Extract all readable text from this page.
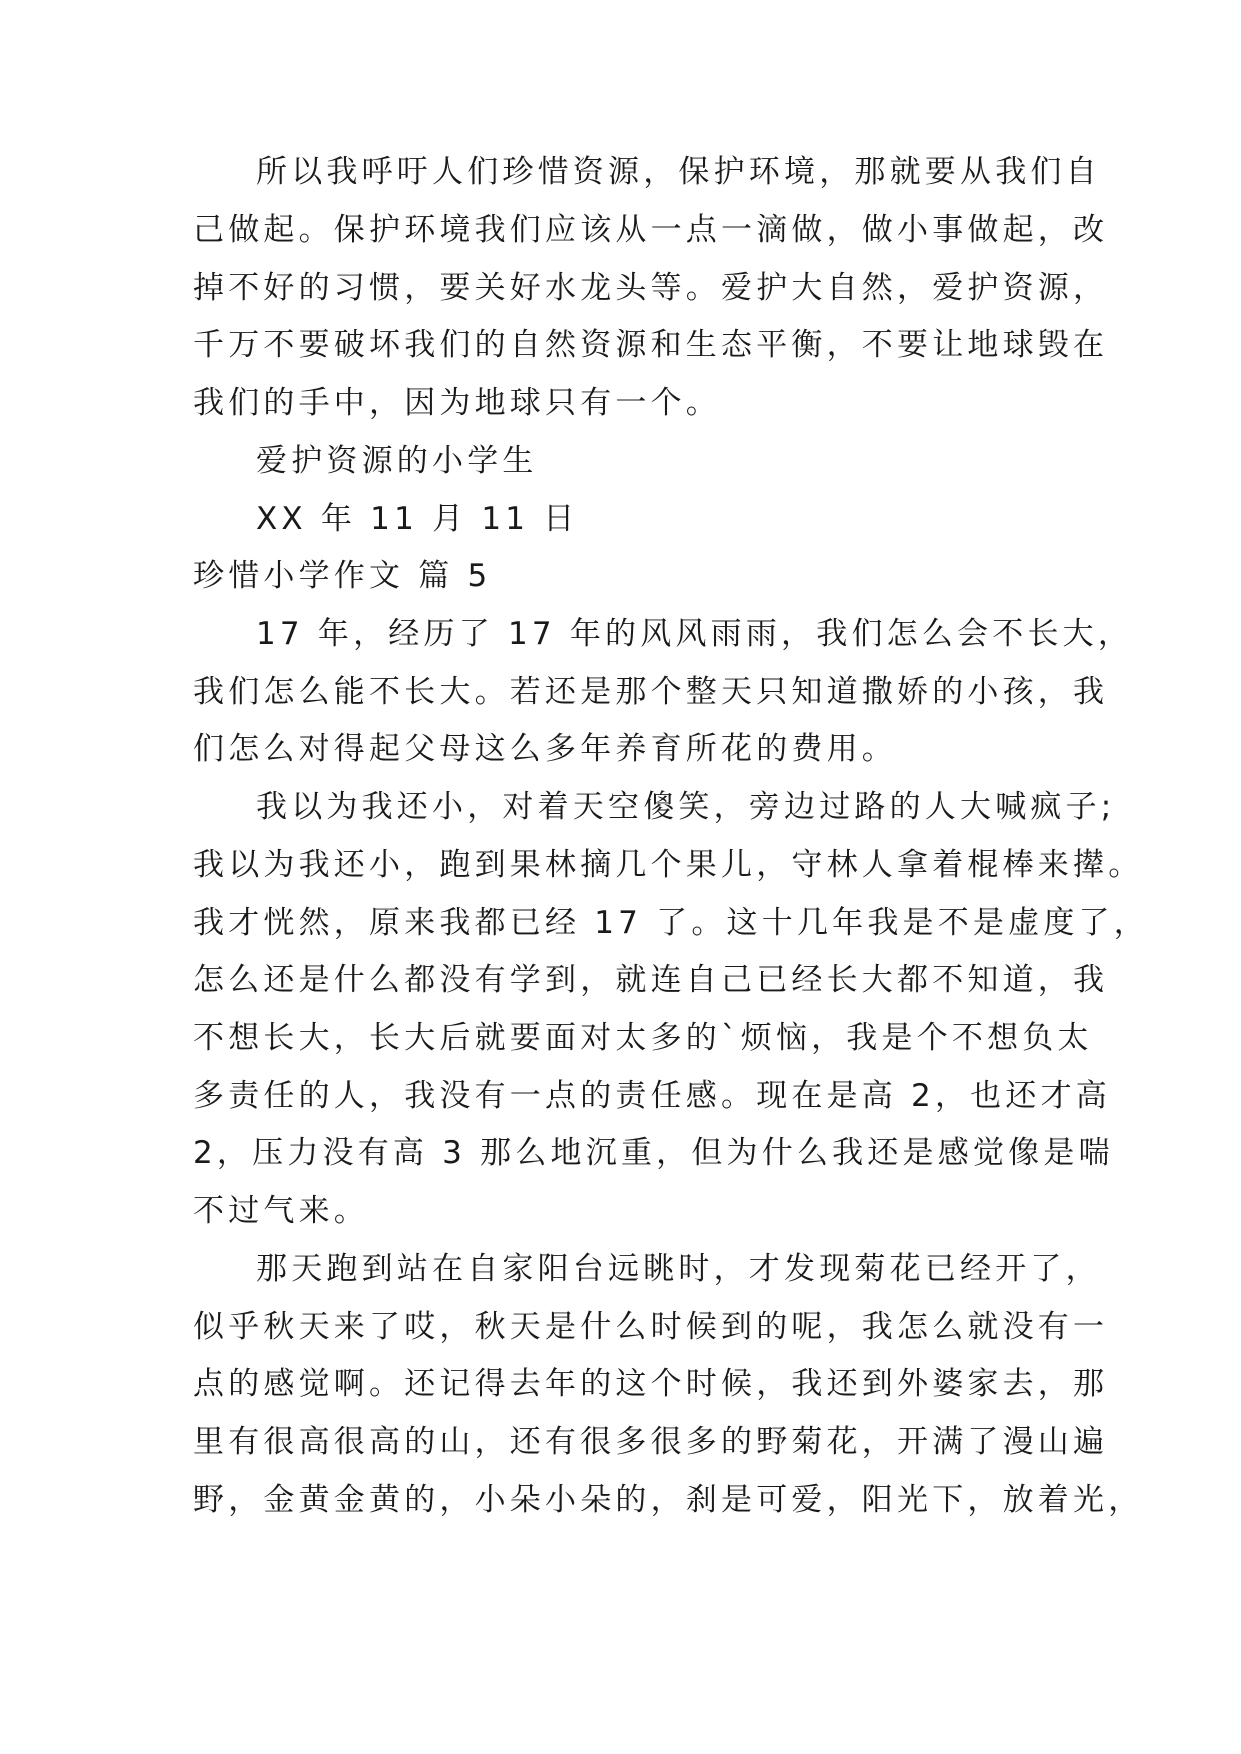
所以我呼吁人们珍惜资源，保护环境，那就要从我们自
己做起。保护环境我们应该从一点一滴做，做小事做起，改
掉不好的习惯，要关好水龙头等。爱护大自然，爱护资源，
千万不要破坏我们的自然资源和生态平衡，不要让地球毁在
我们的手中，因为地球只有一个。
爱护资源的小学生
XX 年 11 月 11 日
珍惜小学作文 篇 5
17 年，经历了 17 年的风风雨雨，我们怎么会不长大，
我们怎么能不长大。若还是那个整天只知道撒娇的小孩，我
们怎么对得起父母这么多年养育所花的费用。
我以为我还小，对着天空傻笑，旁边过路的人大喊疯子;
我以为我还小，跑到果林摘几个果儿，守林人拿着棍棒来撵。
我才恍然，原来我都已经 17 了。这十几年我是不是虚度了，
怎么还是什么都没有学到，就连自己已经长大都不知道，我
不想长大，长大后就要面对太多的`烦恼，我是个不想负太
多责任的人，我没有一点的责任感。现在是高 2，也还才高
2，压力没有高 3 那么地沉重，但为什么我还是感觉像是喘
不过气来。
那天跑到站在自家阳台远眺时，才发现菊花已经开了，
似乎秋天来了哎，秋天是什么时候到的呢，我怎么就没有一
点的感觉啊。还记得去年的这个时候，我还到外婆家去，那
里有很高很高的山，还有很多很多的野菊花，开满了漫山遍
野，金黄金黄的，小朵小朵的，刹是可爱，阳光下，放着光，
